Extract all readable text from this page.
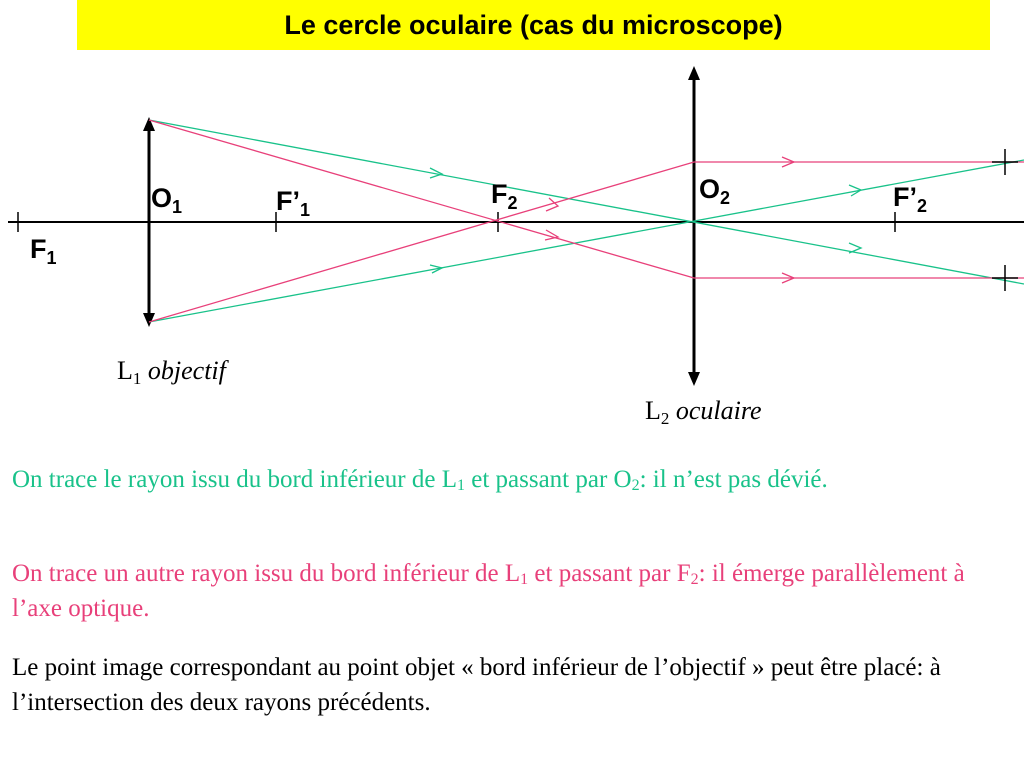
Le cercle oculaire (cas du microscope)
$O_1$	$F’_1$
$F_1$
$F_2$	$O_2$	$F’_2$
L1 objectif
L2 oculaire

On trace le rayon issu du bord inférieur de $L_1$ et passant par $O_2$: il n’est pas dévié.

On trace un autre rayon issu du bord inférieur de $L_1$ et passant par $F_2$: il émerge parallèlement à l’axe optique.

Le point image correspondant au point objet « bord inférieur de l’objectif » peut être placé: à l’intersection des deux rayons précédents.
